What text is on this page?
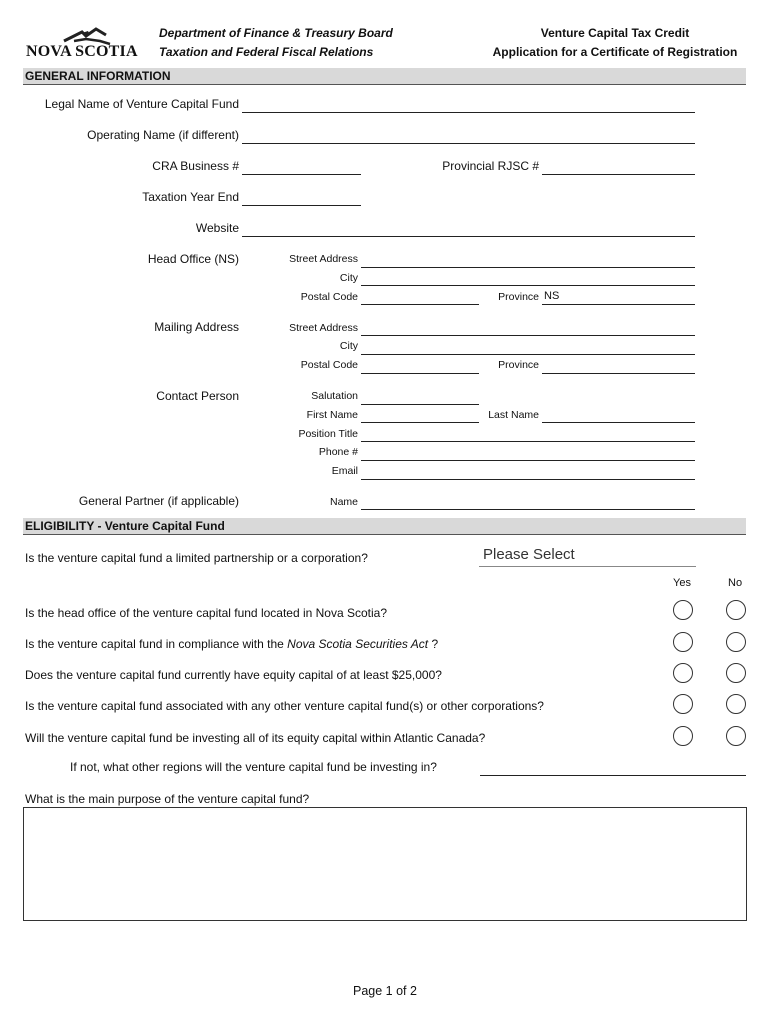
NOVA SCOTIA
Department of Finance & Treasury Board
Taxation and Federal Fiscal Relations
Venture Capital Tax Credit
Application for a Certificate of Registration
GENERAL INFORMATION
Legal Name of Venture Capital Fund
Operating Name (if different)
CRA Business #	Provincial RJSC #
Taxation Year End
Website
Head Office (NS)	Street Address
City
Postal Code	Province NS
Mailing Address	Street Address
City
Postal Code	Province
Contact Person	Salutation
First Name	Last Name
Position Title
Phone #
Email
General Partner (if applicable)	Name
ELIGIBILITY - Venture Capital Fund
Is the venture capital fund a limited partnership or a corporation?	Please Select
Yes	No
Is the head office of the venture capital fund located in Nova Scotia?
Is the venture capital fund in compliance with the Nova Scotia Securities Act ?
Does the venture capital fund currently have equity capital of at least $25,000?
Is the venture capital fund associated with any other venture capital fund(s) or other corporations?
Will the venture capital fund be investing all of its equity capital within Atlantic Canada?
If not, what other regions will the venture capital fund be investing in?
What is the main purpose of the venture capital fund?
Page 1 of 2
